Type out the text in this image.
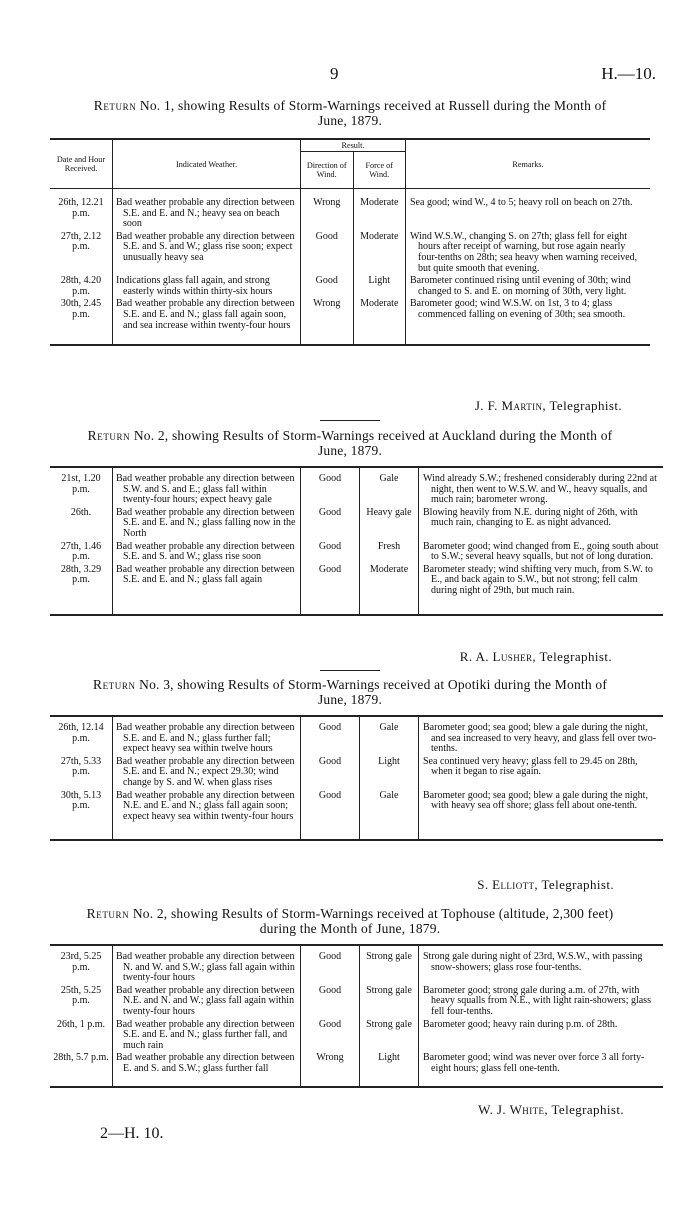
9	H.—10.
Return No. 1, showing Results of Storm-Warnings received at Russell during the Month of
June, 1879.
Date and Hour Received.	Indicated Weather.	Result.		Remarks.
		Direction of Wind.	Force of Wind.	

26th, 12.21 p.m.	Bad weather probable any direction between S.E. and E. and N.; heavy sea on beach soon	Wrong	Moderate	Sea good; wind W., 4 to 5; heavy roll on beach on 27th.
27th, 2.12 p.m.	Bad weather probable any direction between S.E. and S. and W.; glass rise soon; expect unusually heavy sea	Good	Moderate	Wind W.S.W., changing S. on 27th; glass fell for eight hours after receipt of warning, but rose again nearly four-tenths on 28th; sea heavy when warning received, but quite smooth that evening.
28th, 4.20 p.m.	Indications glass fall again, and strong easterly winds within thirty-six hours	Good	Light	Barometer continued rising until evening of 30th; wind changed to S. and E. on morning of 30th, very light.
30th, 2.45 p.m.	Bad weather probable any direction between S.E. and E. and N.; glass fall again soon, and sea increase within twenty-four hours	Wrong	Moderate	Barometer good; wind W.S.W. on 1st, 3 to 4; glass commenced falling on evening of 30th; sea smooth.

J. F. Martin, Telegraphist.
Return No. 2, showing Results of Storm-Warnings received at Auckland during the Month of
June, 1879.

21st, 1.20 p.m.	Bad weather probable any direction between S.W. and S. and E.; glass fall within twenty-four hours; expect heavy gale	Good	Gale	Wind already S.W.; freshened considerably during 22nd at night, then went to W.S.W. and W., heavy squalls, and much rain; barometer wrong.
26th.	Bad weather probable any direction between S.E. and E. and N.; glass falling now in the North	Good	Heavy gale	Blowing heavily from N.E. during night of 26th, with much rain, changing to E. as night advanced.
27th, 1.46 p.m.	Bad weather probable any direction between S.E. and S. and W.; glass rise soon	Good	Fresh	Barometer good; wind changed from E., going south about to S.W.; several heavy squalls, but not of long duration.
28th, 3.29 p.m.	Bad weather probable any direction between S.E. and E. and N.; glass fall again	Good	Moderate	Barometer steady; wind shifting very much, from S.W. to E., and back again to S.W., but not strong; fell calm during night of 29th, but much rain.

R. A. Lusher, Telegraphist.
Return No. 3, showing Results of Storm-Warnings received at Opotiki during the Month of
June, 1879.

26th, 12.14 p.m.	Bad weather probable any direction between S.E. and E. and N.; glass further fall; expect heavy sea within twelve hours	Good	Gale	Barometer good; sea good; blew a gale during the night, and sea increased to very heavy, and glass fell over two-tenths.
27th, 5.33 p.m.	Bad weather probable any direction between S.E. and E. and N.; expect 29.30; wind change by S. and W. when glass rises	Good	Light	Sea continued very heavy; glass fell to 29.45 on 28th, when it began to rise again.
30th, 5.13 p.m.	Bad weather probable any direction between N.E. and E. and N.; glass fall again soon; expect heavy sea within twenty-four hours	Good	Gale	Barometer good; sea good; blew a gale during the night, with heavy sea off shore; glass fell about one-tenth.

S. Elliott, Telegraphist.
Return No. 2, showing Results of Storm-Warnings received at Tophouse (altitude, 2,300 feet)
during the Month of June, 1879.

23rd, 5.25 p.m.	Bad weather probable any direction between N. and W. and S.W.; glass fall again within twenty-four hours	Good	Strong gale	Strong gale during night of 23rd, W.S.W., with passing snow-showers; glass rose four-tenths.
25th, 5.25 p.m.	Bad weather probable any direction between N.E. and N. and W.; glass fall again within twenty-four hours	Good	Strong gale	Barometer good; strong gale during a.m. of 27th, with heavy squalls from N.E., with light rain-showers; glass fell four-tenths.
26th, 1 p.m.	Bad weather probable any direction between S.E. and E. and N.; glass further fall, and much rain	Good	Strong gale	Barometer good; heavy rain during p.m. of 28th.
28th, 5.7 p.m.	Bad weather probable any direction between E. and S. and S.W.; glass further fall	Wrong	Light	Barometer good; wind was never over force 3 all forty-eight hours; glass fell one-tenth.

W. J. White, Telegraphist.
2—H. 10.
